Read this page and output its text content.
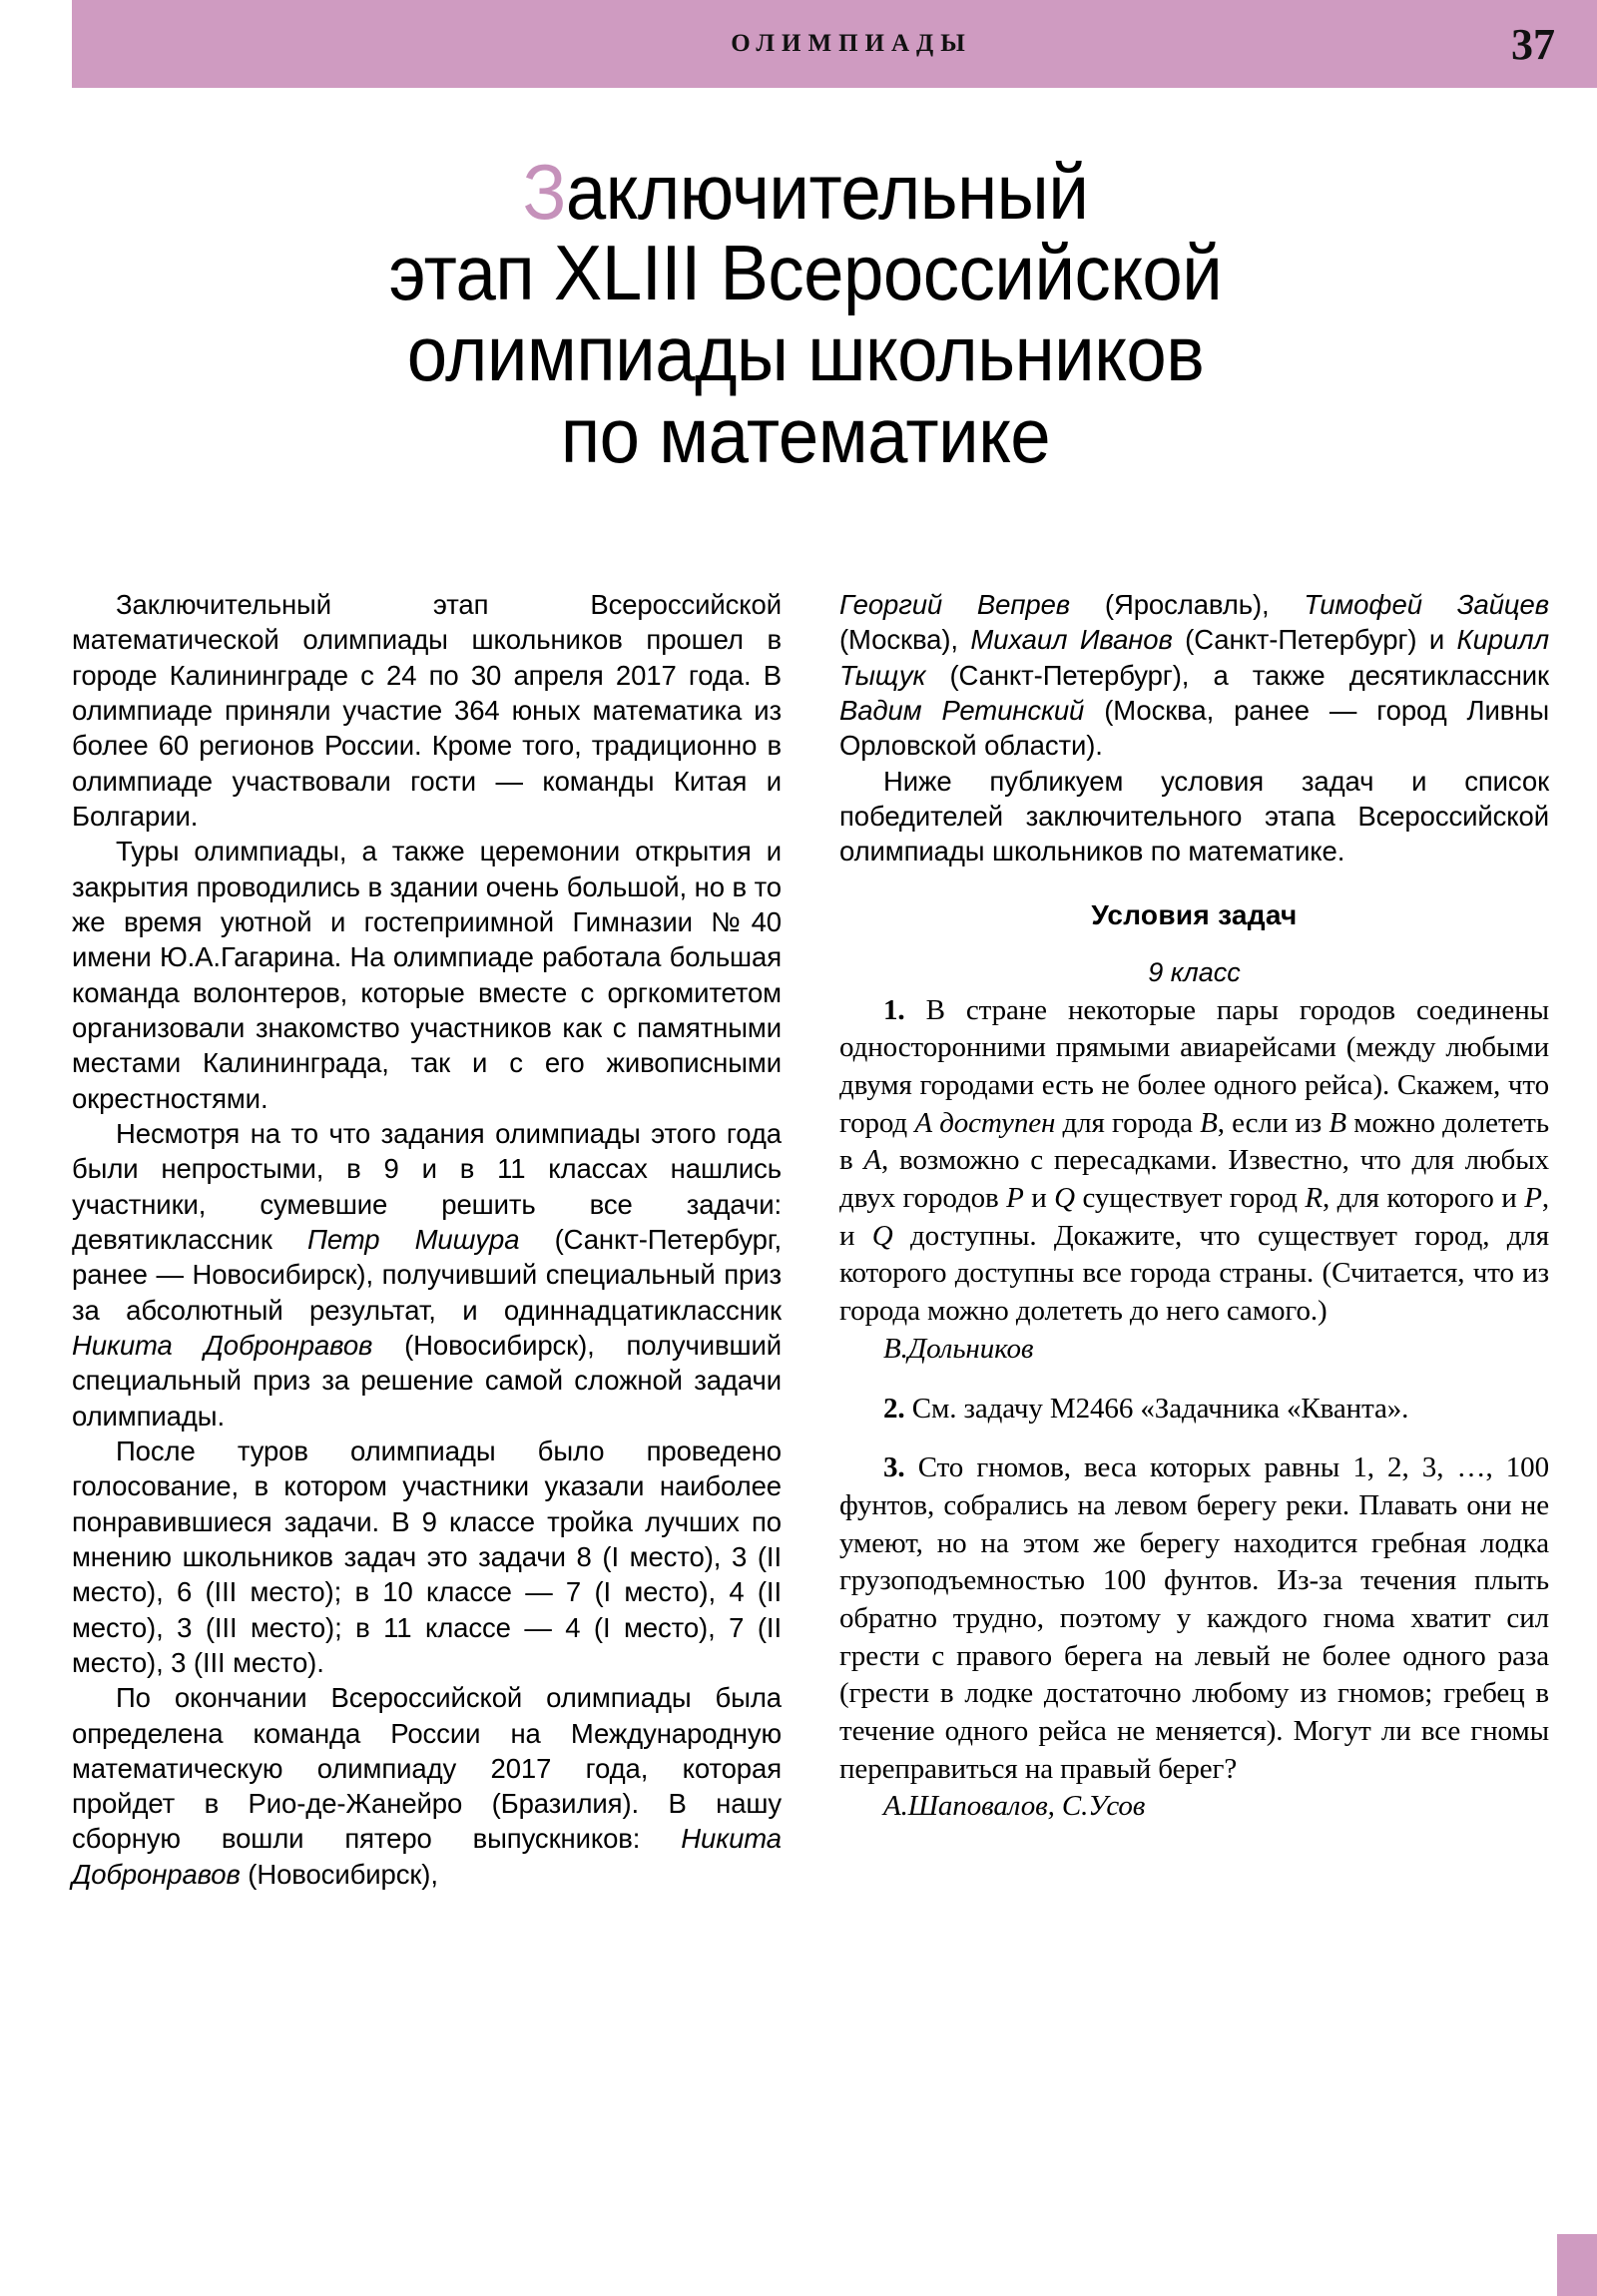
ОЛИМПИАДЫ	37
Заключительный
этап XLIII Всероссийской
олимпиады школьников
по математике

Заключительный этап Всероссийской математической олимпиады школьников прошел в городе Калининграде с 24 по 30 апреля 2017 года. В олимпиаде приняли участие 364 юных математика из более 60 регионов России. Кроме того, традиционно в олимпиаде участвовали гости — команды Китая и Болгарии.

Туры олимпиады, а также церемонии открытия и закрытия проводились в здании очень большой, но в то же время уютной и гостеприимной Гимназии №40 имени Ю.А.Гагарина. На олимпиаде работала большая команда волонтеров, которые вместе с оргкомитетом организовали знакомство участников как с памятными местами Калининграда, так и с его живописными окрестностями.

Несмотря на то что задания олимпиады этого года были непростыми, в 9 и в 11 классах нашлись участники, сумевшие решить все задачи: девятиклассник Петр Мишура (Санкт-Петербург, ранее — Новосибирск), получивший специальный приз за абсолютный результат, и одиннадцатиклассник Никита Добронравов (Новосибирск), получивший специальный приз за решение самой сложной задачи олимпиады.

После туров олимпиады было проведено голосование, в котором участники указали наиболее понравившиеся задачи. В 9 классе тройка лучших по мнению школьников задач это задачи 8 (I место), 3 (II место), 6 (III место); в 10 классе — 7 (I место), 4 (II место), 3 (III место); в 11 классе — 4 (I место), 7 (II место), 3 (III место).

По окончании Всероссийской олимпиады была определена команда России на Международную математическую олимпиаду 2017 года, которая пройдет в Рио-де-Жанейро (Бразилия). В нашу сборную вошли пятеро выпускников: Никита Добронравов (Новосибирск),

Георгий Вепрев (Ярославль), Тимофей Зайцев (Москва), Михаил Иванов (Санкт-Петербург) и Кирилл Тыщук (Санкт-Петербург), а также десятиклассник Вадим Ретинский (Москва, ранее — город Ливны Орловской области).

Ниже публикуем условия задач и список победителей заключительного этапа Всероссийской олимпиады школьников по математике.

Условия задач
9 класс

1. В стране некоторые пары городов соединены односторонними прямыми авиарейсами (между любыми двумя городами есть не более одного рейса). Скажем, что город A доступен для города B, если из B можно долететь в A, возможно с пересадками. Известно, что для любых двух городов P и Q существует город R, для которого и P, и Q доступны. Докажите, что существует город, для которого доступны все города страны. (Считается, что из города можно долететь до него самого.)

В.Дольников

2. См. задачу М2466 «Задачника «Кванта».

3. Сто гномов, веса которых равны 1, 2, 3, …, 100 фунтов, собрались на левом берегу реки. Плавать они не умеют, но на этом же берегу находится гребная лодка грузоподъемностью 100 фунтов. Из-за течения плыть обратно трудно, поэтому у каждого гнома хватит сил грести с правого берега на левый не более одного раза (грести в лодке достаточно любому из гномов; гребец в течение одного рейса не меняется). Могут ли все гномы переправиться на правый берег?

А.Шаповалов, С.Усов
